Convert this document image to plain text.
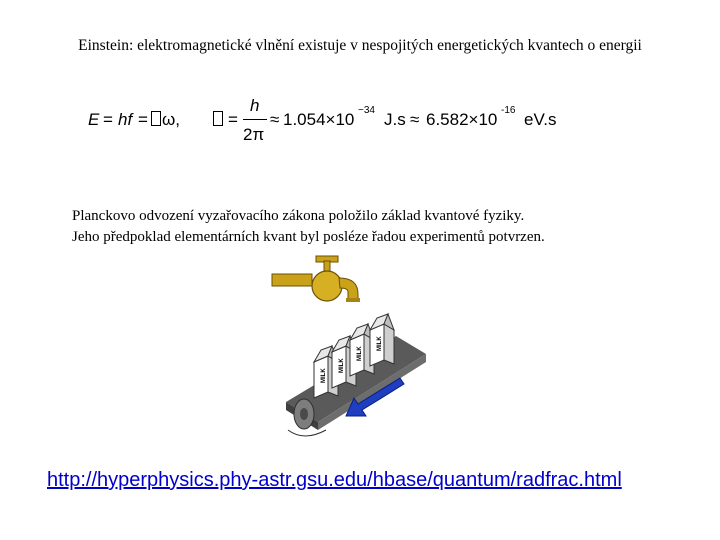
Einstein: elektromagnetické vlnění existuje v nespojitých energetických kvantech o energii
E = hf = ω,	=
h
2π
≈ 1.054×10 −34 J.s ≈ 6.582×10 -16 eV.s
Planckovo odvození vyzařovacího zákona položilo základ kvantové fyziky.
Jeho předpoklad elementárních kvant byl posléze řadou experimentů potvrzen.
MILK
MILK
MILK
MILK
http://hyperphysics.phy-astr.gsu.edu/hbase/quantum/radfrac.html
